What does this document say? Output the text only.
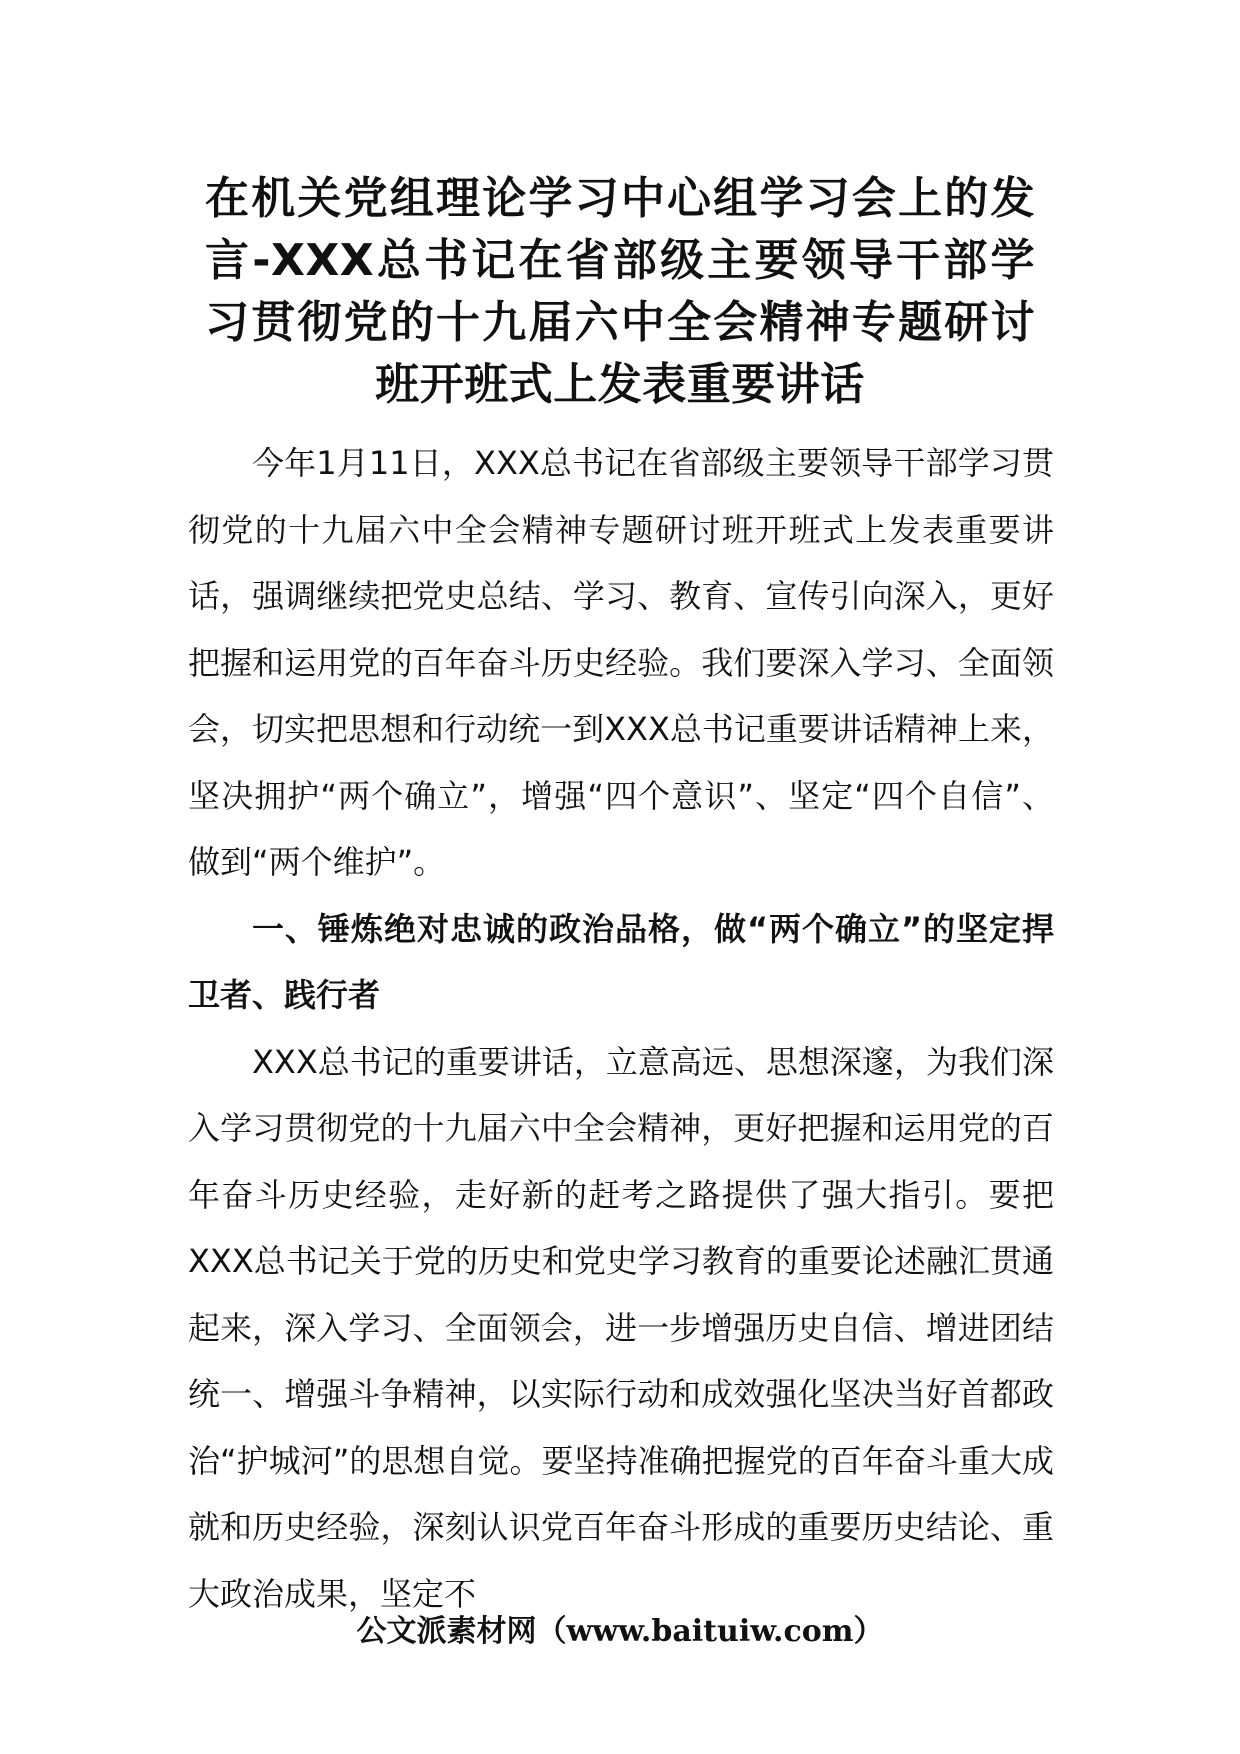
在机关党组理论学习中心组学习会上的发言-XXX总书记在省部级主要领导干部学习贯彻党的十九届六中全会精神专题研讨班开班式上发表重要讲话

今年1月11日，XXX总书记在省部级主要领导干部学习贯彻党的十九届六中全会精神专题研讨班开班式上发表重要讲话，强调继续把党史总结、学习、教育、宣传引向深入，更好把握和运用党的百年奋斗历史经验。我们要深入学习、全面领会，切实把思想和行动统一到XXX总书记重要讲话精神上来，坚决拥护“两个确立”，增强“四个意识”、坚定“四个自信”、做到“两个维护”。

一、锤炼绝对忠诚的政治品格，做“两个确立”的坚定捍卫者、践行者

XXX总书记的重要讲话，立意高远、思想深邃，为我们深入学习贯彻党的十九届六中全会精神，更好把握和运用党的百年奋斗历史经验，走好新的赶考之路提供了强大指引。要把XXX总书记关于党的历史和党史学习教育的重要论述融汇贯通起来，深入学习、全面领会，进一步增强历史自信、增进团结统一、增强斗争精神，以实际行动和成效强化坚决当好首都政治“护城河”的思想自觉。要坚持准确把握党的百年奋斗重大成就和历史经验，深刻认识党百年奋斗形成的重要历史结论、重大政治成果，坚定不

公文派素材网（www.baituiw.com）
